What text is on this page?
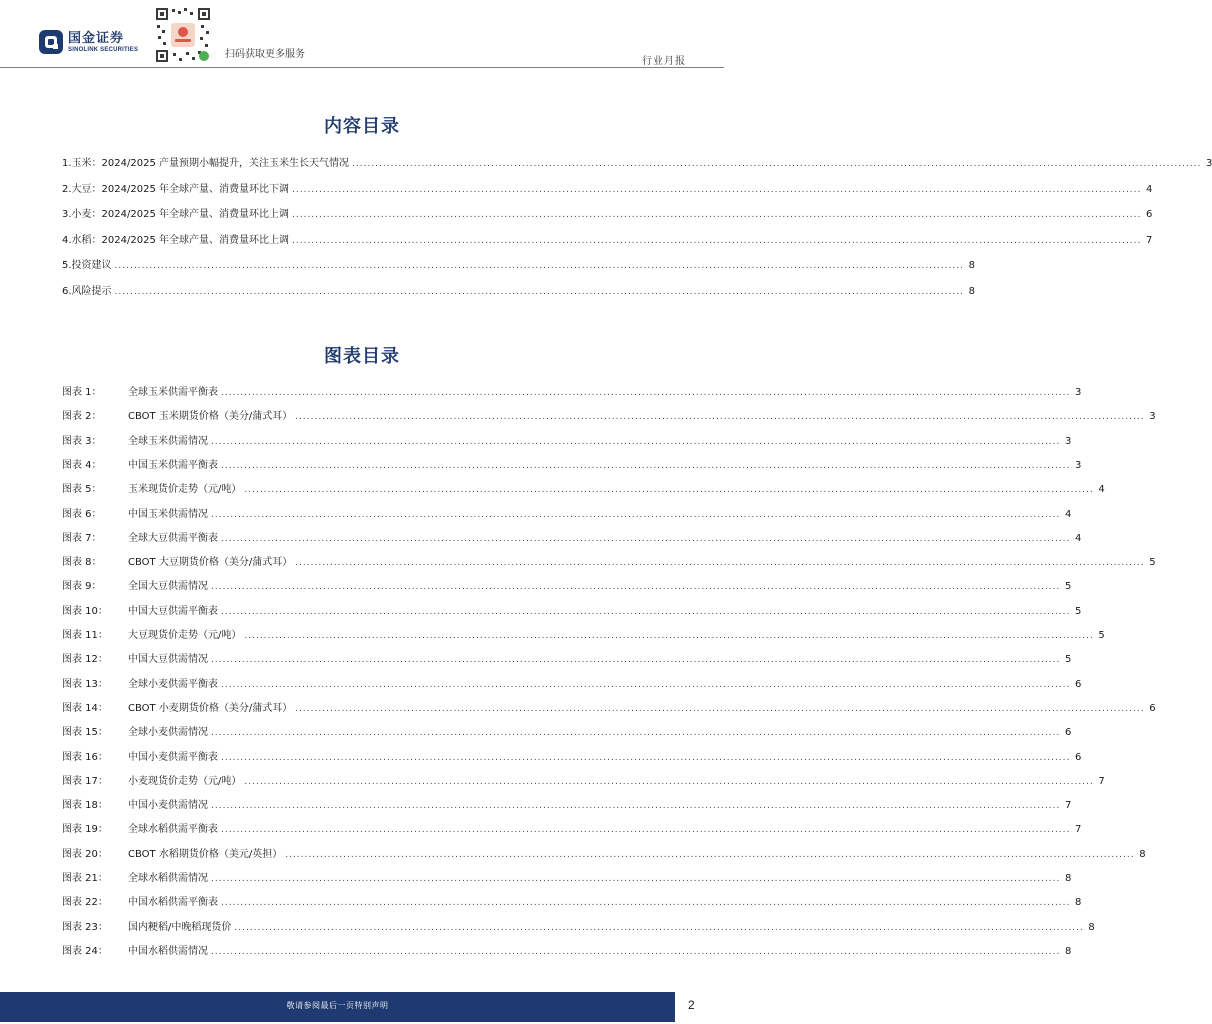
国金证券
SINOLINK SECURITIES	扫码获取更多服务
行业月报
内容目录
1.玉米：2024/2025 产量预期小幅提升，关注玉米生长天气情况 ............................................................................................................................................................................................................................ 3
2.大豆：2024/2025 年全球产量、消费量环比下调 ............................................................................................................................................................................................................................ 4
3.小麦：2024/2025 年全球产量、消费量环比上调 ............................................................................................................................................................................................................................ 6
4.水稻：2024/2025 年全球产量、消费量环比上调 ............................................................................................................................................................................................................................ 7
5.投资建议 ............................................................................................................................................................................................................................ 8
6.风险提示 ............................................................................................................................................................................................................................ 8
图表目录
图表 1：	全球玉米供需平衡表 ............................................................................................................................................................................................................................ 3
图表 2：	CBOT 玉米期货价格（美分/蒲式耳） ............................................................................................................................................................................................................................ 3
图表 3：	全球玉米供需情况 ............................................................................................................................................................................................................................ 3
图表 4：	中国玉米供需平衡表 ............................................................................................................................................................................................................................ 3
图表 5：	玉米现货价走势（元/吨） ............................................................................................................................................................................................................................ 4
图表 6：	中国玉米供需情况 ............................................................................................................................................................................................................................ 4
图表 7：	全球大豆供需平衡表 ............................................................................................................................................................................................................................ 4
图表 8：	CBOT 大豆期货价格（美分/蒲式耳） ............................................................................................................................................................................................................................ 5
图表 9：	全国大豆供需情况 ............................................................................................................................................................................................................................ 5
图表 10：	中国大豆供需平衡表 ............................................................................................................................................................................................................................ 5
图表 11：	大豆现货价走势（元/吨） ............................................................................................................................................................................................................................ 5
图表 12：	中国大豆供需情况 ............................................................................................................................................................................................................................ 5
图表 13：	全球小麦供需平衡表 ............................................................................................................................................................................................................................ 6
图表 14：	CBOT 小麦期货价格（美分/蒲式耳） ............................................................................................................................................................................................................................ 6
图表 15：	全球小麦供需情况 ............................................................................................................................................................................................................................ 6
图表 16：	中国小麦供需平衡表 ............................................................................................................................................................................................................................ 6
图表 17：	小麦现货价走势（元/吨） ............................................................................................................................................................................................................................ 7
图表 18：	中国小麦供需情况 ............................................................................................................................................................................................................................ 7
图表 19：	全球水稻供需平衡表 ............................................................................................................................................................................................................................ 7
图表 20：	CBOT 水稻期货价格（美元/英担） ............................................................................................................................................................................................................................ 8
图表 21：	全球水稻供需情况 ............................................................................................................................................................................................................................ 8
图表 22：	中国水稻供需平衡表 ............................................................................................................................................................................................................................ 8
图表 23：	国内粳稻/中晚稻现货价 ............................................................................................................................................................................................................................ 8
图表 24：	中国水稻供需情况 ............................................................................................................................................................................................................................ 8
敬请参阅最后一页特别声明	2
